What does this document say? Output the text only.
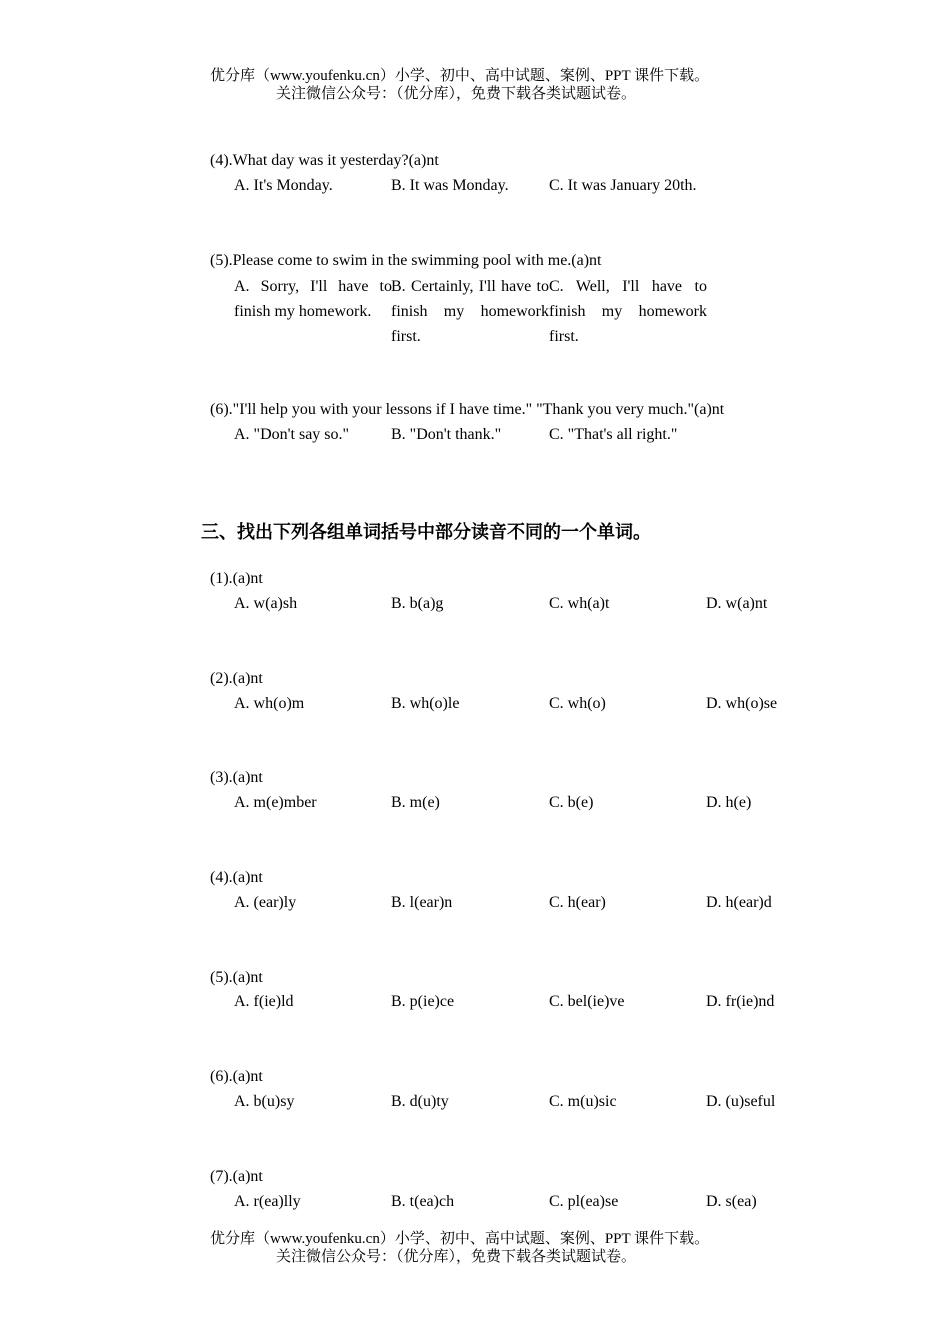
优分库（www.youfenku.cn）小学、初中、高中试题、案例、PPT 课件下载。
关注微信公众号：（优分库），免费下载各类试题试卷。
(4).What day was it yesterday?(a)nt
A. It's Monday.	B. It was Monday.	C. It was January 20th.
(5).Please come to swim in the swimming pool with me.(a)nt
A. Sorry, I'll have to finish my homework.
B. Certainly, I'll have to finish my homework first.
C. Well, I'll have to finish my homework first.
(6)."I'll help you with your lessons if I have time." "Thank you very much."(a)nt
A. "Don't say so."	B. "Don't thank."	C. "That's all right."
三、找出下列各组单词括号中部分读音不同的一个单词。
(1).(a)nt
A. w(a)sh	B. b(a)g	C. wh(a)t	D. w(a)nt
(2).(a)nt
A. wh(o)m	B. wh(o)le	C. wh(o)	D. wh(o)se
(3).(a)nt
A. m(e)mber	B. m(e)	C. b(e)	D. h(e)
(4).(a)nt
A. (ear)ly	B. l(ear)n	C. h(ear)	D. h(ear)d
(5).(a)nt
A. f(ie)ld	B. p(ie)ce	C. bel(ie)ve	D. fr(ie)nd
(6).(a)nt
A. b(u)sy	B. d(u)ty	C. m(u)sic	D. (u)seful
(7).(a)nt
A. r(ea)lly	B. t(ea)ch	C. pl(ea)se	D. s(ea)
优分库（www.youfenku.cn）小学、初中、高中试题、案例、PPT 课件下载。
关注微信公众号：（优分库），免费下载各类试题试卷。
